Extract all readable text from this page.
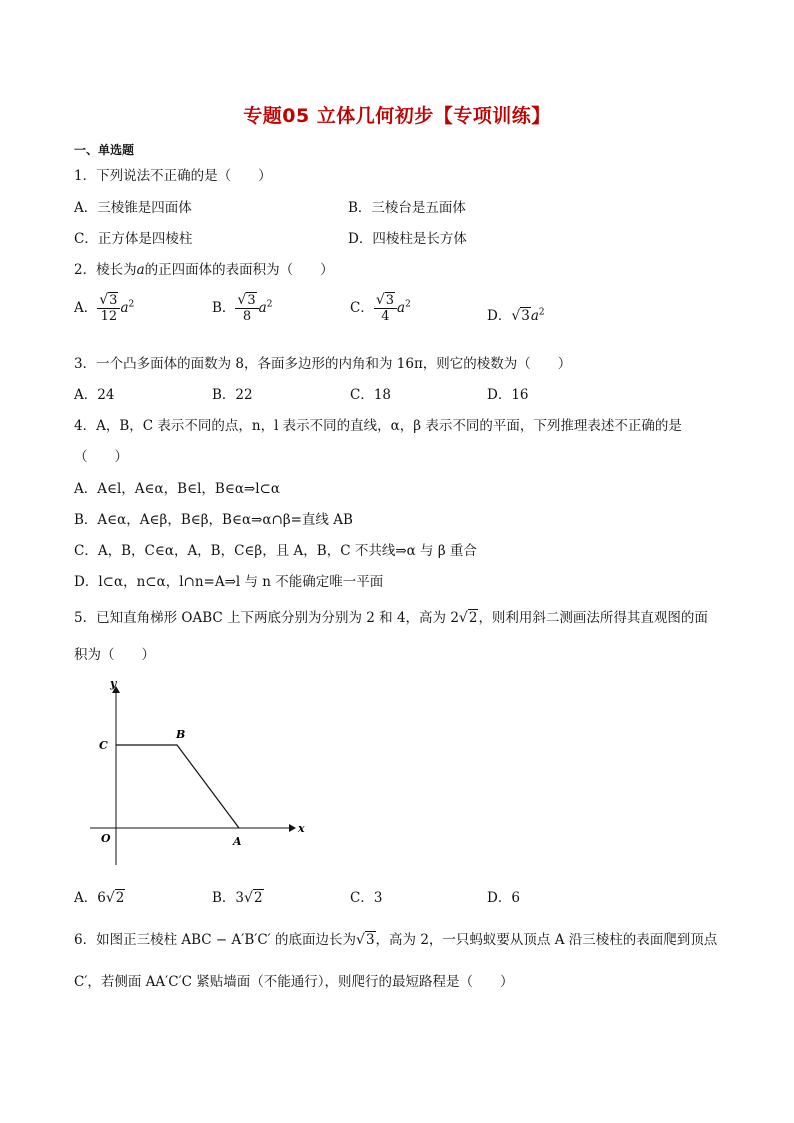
专题05 立体几何初步【专项训练】
一、单选题
1．下列说法不正确的是（　　）
A．三棱锥是四面体	B．三棱台是五面体
C．正方体是四棱柱	D．四棱柱是长方体
2．棱长为a的正四面体的表面积为（　　）
A． $\frac{√3}{12} a^2$	B． $\frac{√3}{8} a^2$	C． $\frac{√3}{4} a^2$
D．$√3a^2$
3．一个凸多面体的面数为 8，各面多边形的内角和为 16π，则它的棱数为（　　）
A．24	B．22	C．18	D．16
4．A，B，C 表示不同的点，n，l 表示不同的直线，α，β 表示不同的平面，下列推理表述不正确的是
（　　）
A．A∈l，A∈α，B∈l，B∈α⇒l⊂α
B．A∈α，A∈β，B∈β，B∈α⇒α∩β=直线 AB
C．A，B，C∈α，A，B，C∈β，且 A，B，C 不共线⇒α 与 β 重合
D．l⊂α，n⊂α，l∩n=A⇒l 与 n 不能确定唯一平面
5．已知直角梯形 OABC 上下两底分别为分别为 2 和 4，高为 2√2，则利用斜二测画法所得其直观图的面
积为（　　）
y
x
C
B
O	A
A．6√2	B．3√2	C．3	D．6
6．如图正三棱柱 ABC − A′B′C′ 的底面边长为√3，高为 2，一只蚂蚁要从顶点 A 沿三棱柱的表面爬到顶点
C′，若侧面 AA′C′C 紧贴墙面（不能通行），则爬行的最短路程是（　　）
